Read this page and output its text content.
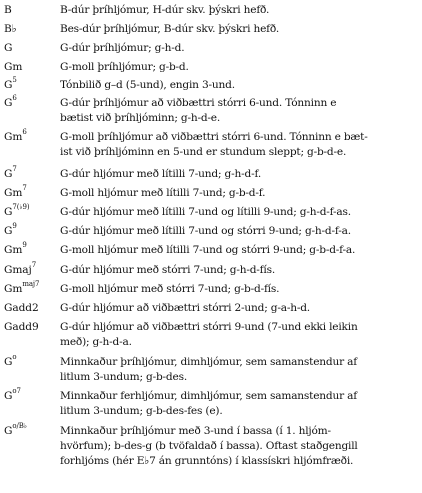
B	B-dúr þríhljómur, H-dúr skv. þýskri hefð.
B♭	Bes-dúr þríhljómur, B-dúr skv. þýskri hefð.
G	G-dúr þríhljómur; g-h-d.
Gm	G-moll þríhljómur; g-b-d.
$G^5$	Tónbilið g–d (5-und), engin 3-und.
$G^6$	G-dúr þríhljómur að viðbættri stórri 6-und. Tónninn e
bætist við þríhljóminn; g-h-d-e.
Gm$^6$	G-moll þríhljómur að viðbættri stórri 6-und. Tónninn e bæt-
ist við þríhljóminn en 5-und er stundum sleppt; g-b-d-e.
$G^7$	G-dúr hljómur með lítilli 7-und; g-h-d-f.
Gm$^7$	G-moll hljómur með lítilli 7-und; g-b-d-f.
$G^{7(♭9)}$	G-dúr hljómur með lítilli 7-und og lítilli 9-und; g-h-d-f-as.
$G^9$	G-dúr hljómur með lítilli 7-und og stórri 9-und; g-h-d-f-a.
Gm$^9$	G-moll hljómur með lítilli 7-und og stórri 9-und; g-b-d-f-a.
Gmaj$^7$ G-dúr hljómur með stórri 7-und; g-h-d-fís.
$Gm^{maj7}$ G-moll hljómur með stórri 7-und; g-b-d-fís.
Gadd2 G-dúr hljómur að viðbættri stórri 2-und; g-a-h-d.
Gadd9 G-dúr hljómur að viðbættri stórri 9-und (7-und ekki leikin
með); g-h-d-a.
$G^o$	Minnkaður þríhljómur, dimhljómur, sem samanstendur af
litlum 3-undum; g-b-des.
$G^{o7}$	Minnkaður ferhljómur, dimhljómur, sem samanstendur af
litlum 3-undum; g-b-des-fes (e).
$G^{o/B♭}$	Minnkaður þríhljómur með 3-und í bassa (í 1. hljóm-
hvörfum); b-des-g (b tvöfaldað í bassa). Oftast staðgengill
forhljóms (hér E♭7 án grunntóns) í klassískri hljómfræði.
